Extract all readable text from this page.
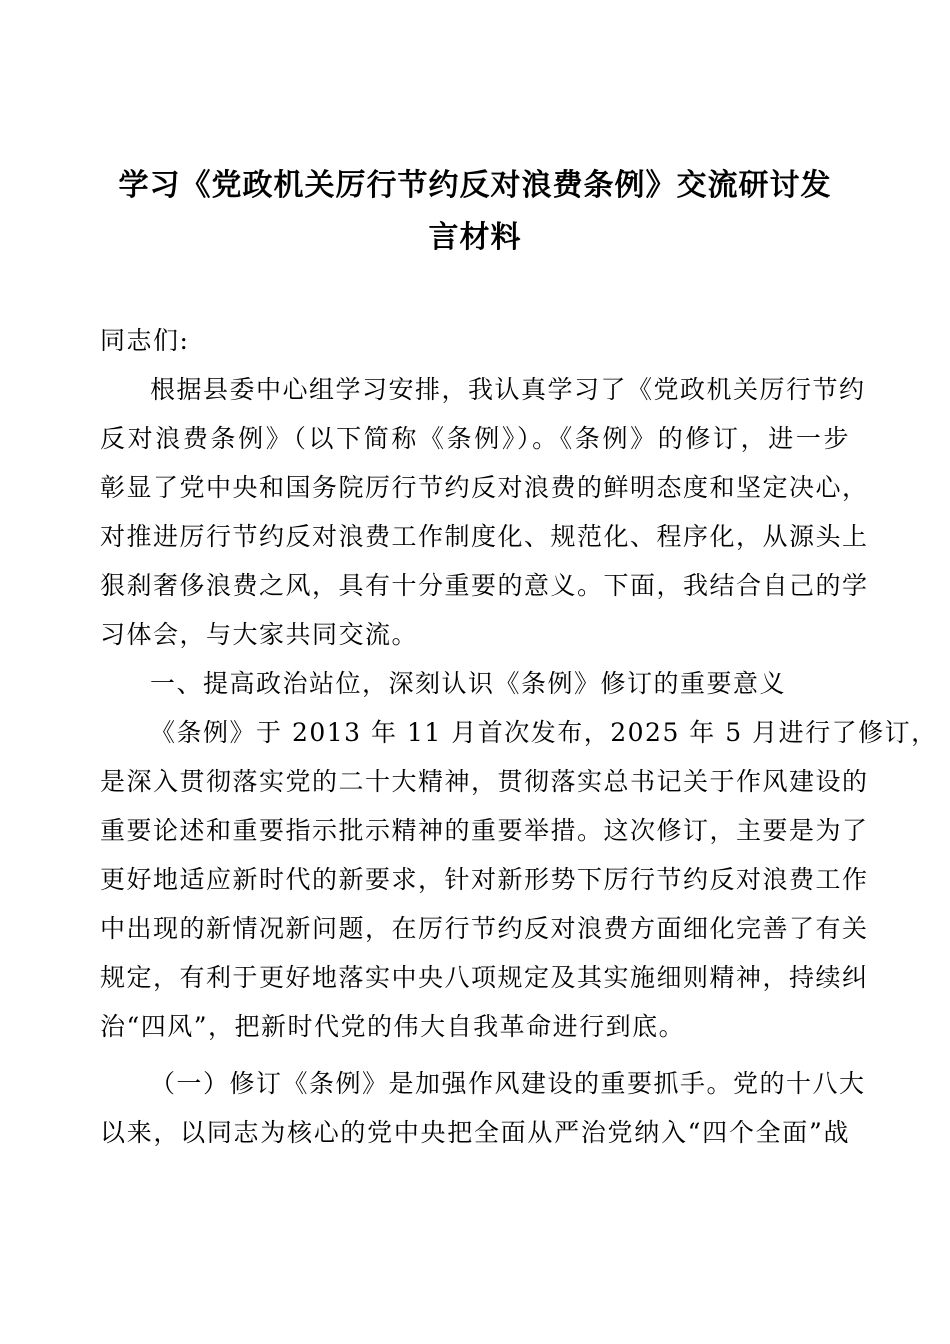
学习《党政机关厉行节约反对浪费条例》交流研讨发
言材料
同志们:
根据县委中心组学习安排，我认真学习了《党政机关厉行节约
反对浪费条例》（以下简称《条例》）。《条例》的修订，进一步
彰显了党中央和国务院厉行节约反对浪费的鲜明态度和坚定决心，
对推进厉行节约反对浪费工作制度化、规范化、程序化，从源头上
狠刹奢侈浪费之风，具有十分重要的意义。下面，我结合自己的学
习体会，与大家共同交流。
一、提高政治站位，深刻认识《条例》修订的重要意义
《条例》于 2013 年 11 月首次发布，2025 年 5 月进行了修订，
是深入贯彻落实党的二十大精神，贯彻落实总书记关于作风建设的
重要论述和重要指示批示精神的重要举措。这次修订，主要是为了
更好地适应新时代的新要求，针对新形势下厉行节约反对浪费工作
中出现的新情况新问题，在厉行节约反对浪费方面细化完善了有关
规定，有利于更好地落实中央八项规定及其实施细则精神，持续纠
治“四风”，把新时代党的伟大自我革命进行到底。
（一）修订《条例》是加强作风建设的重要抓手。党的十八大
以来，以同志为核心的党中央把全面从严治党纳入“四个全面”战
